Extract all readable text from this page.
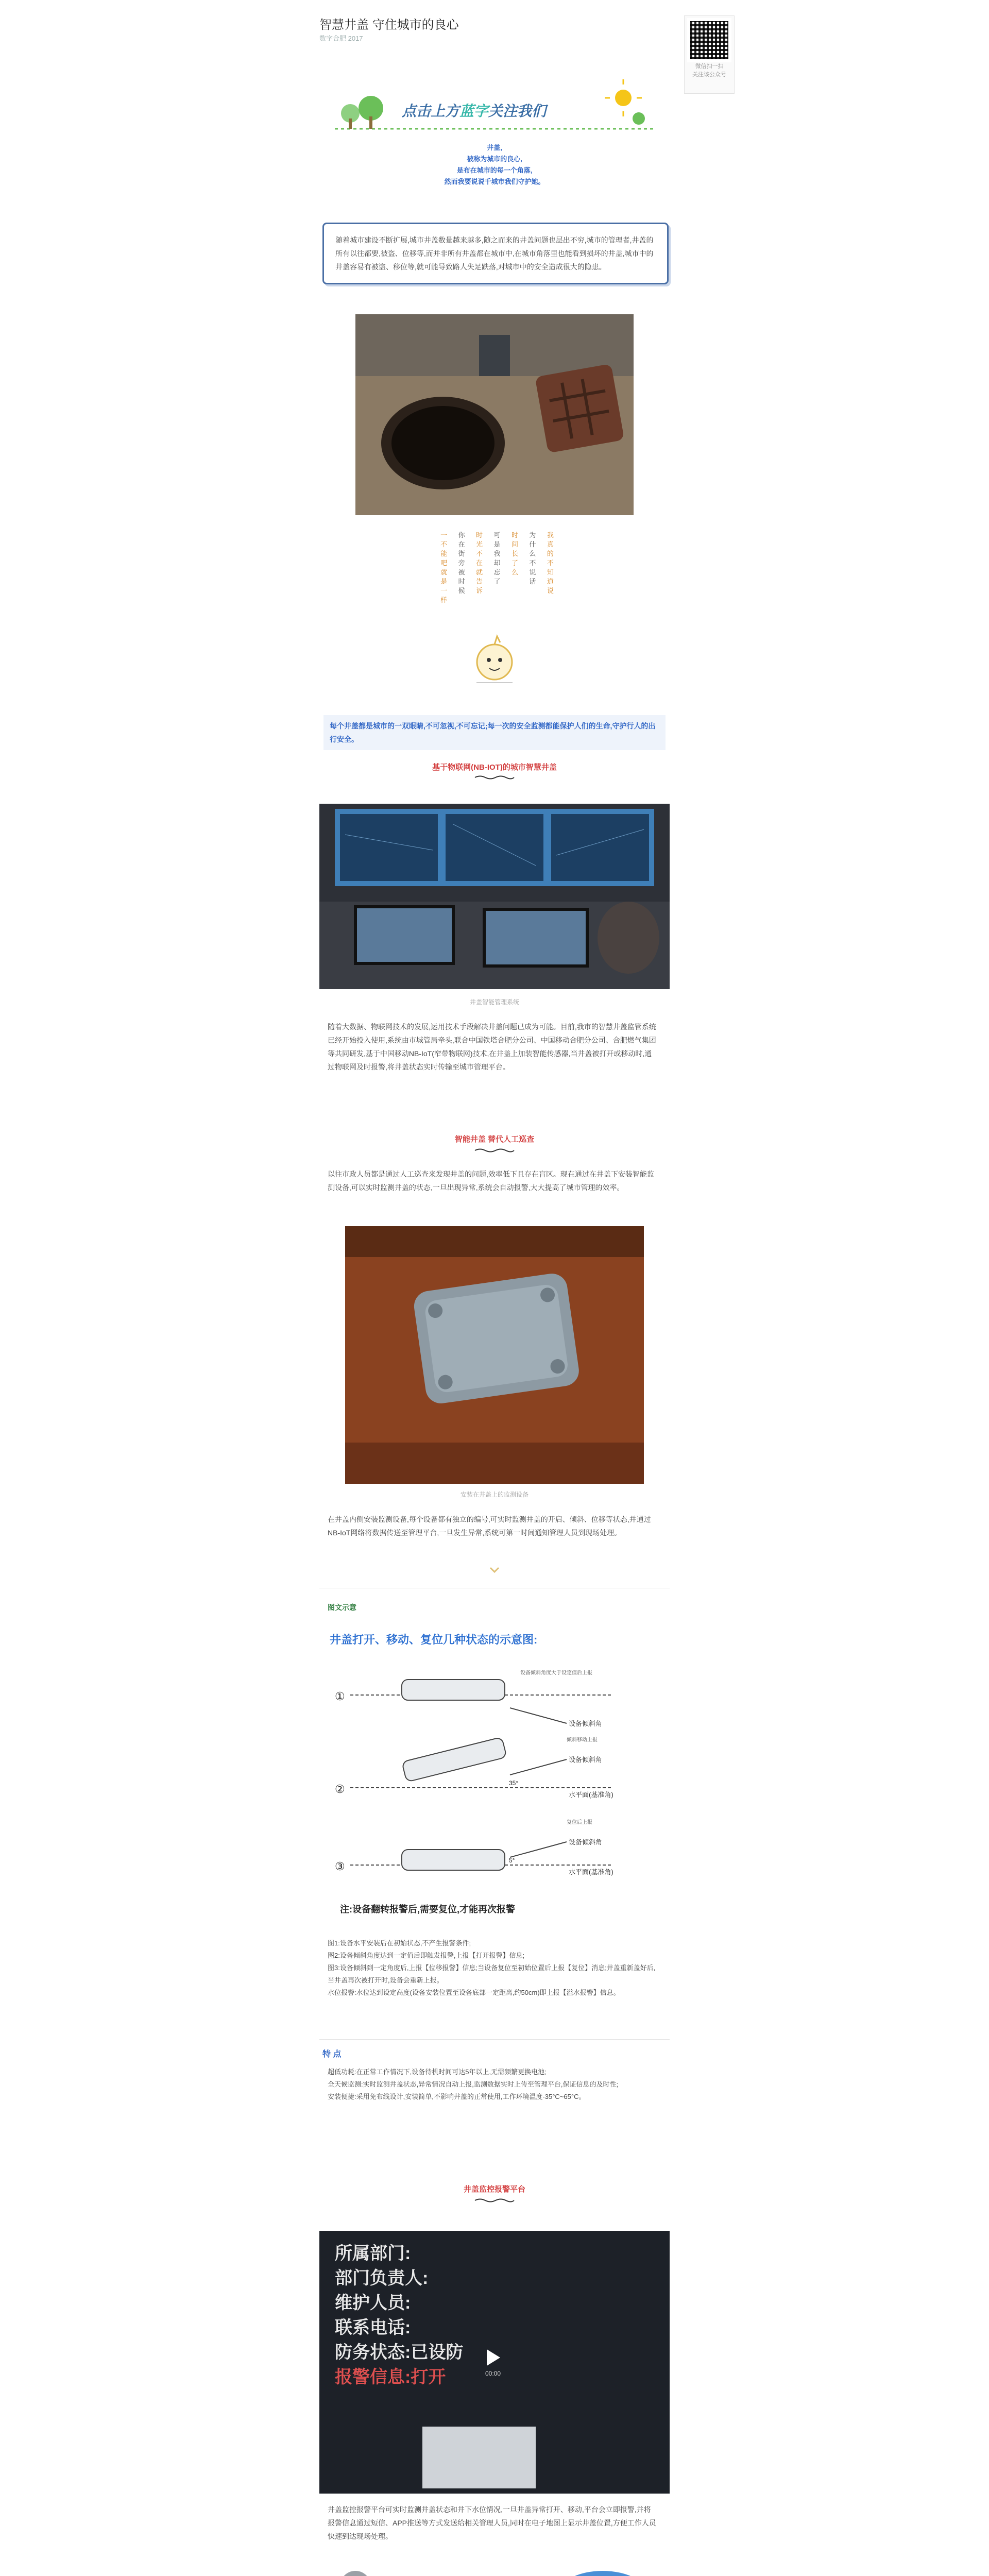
智慧井盖 守住城市的良心
数字合肥 2017
微信扫一扫
关注该公众号
点击上方蓝字关注我们
井盖,
被称为城市的良心,
是布在城市的每一个角落,
然而我要说说千城市我们守护她。
随着城市建设不断扩展,城市井盖数量越来越多,随之而来的井盖问题也层出不穷,城市的管理者,井盖的所有以往都要,被盗、位移等,而并非所有井盖都在城市中,在城市角落里也能看到损坏的井盖,城市中的井盖容易有被盗、移位等,就可能导致路人失足跌落,对城市中的安全造成很大的隐患。
一不能吧就是一样 你在街旁被时候 时光不在就告诉 可是我却忘了 时间长了么 为什么不说话 我真的不知道说
每个井盖都是城市的一双眼睛,不可忽视,不可忘记;每一次的安全监测都能保护人们的生命,守护行人的出行安全。
基于物联网(NB-IOT)的城市智慧井盖
井盖智能管理系统
随着大数据、物联网技术的发展,运用技术手段解决井盖问题已成为可能。目前,我市的智慧井盖监管系统已经开始投入使用,系统由市城管局牵头,联合中国铁塔合肥分公司、中国移动合肥分公司、合肥燃气集团等共同研发,基于中国移动NB-IoT(窄带物联网)技术,在井盖上加装智能传感器,当井盖被打开或移动时,通过物联网及时报警,将井盖状态实时传输至城市管理平台。
智能井盖 替代人工巡查
以往市政人员都是通过人工巡查来发现井盖的问题,效率低下且存在盲区。现在通过在井盖下安装智能监测设备,可以实时监测井盖的状态,一旦出现异常,系统会自动报警,大大提高了城市管理的效率。
安装在井盖上的监测设备
在井盖内侧安装监测设备,每个设备都有独立的编号,可实时监测井盖的开启、倾斜、位移等状态,并通过NB-IoT网络将数据传送至管理平台,一旦发生异常,系统可第一时间通知管理人员到现场处理。
图文示意
井盖打开、移动、复位几种状态的示意图:
①
②
③
设备倾斜角
设备倾斜角
水平面(基准角)
设备倾斜角
水平面(基准角)
设备倾斜角度大于设定值后上报
倾斜移动上报
复位后上报
35°
5°
注:设备翻转报警后,需要复位,才能再次报警
图1:设备水平安装后在初始状态,不产生报警条件;
图2:设备倾斜角度达到一定值后即触发报警,上报【打开报警】信息;
图3:设备倾斜到一定角度后,上报【位移报警】信息;当设备复位至初始位置后上报【复位】消息;井盖重新盖好后,当井盖再次被打开时,设备会重新上报。
水位报警:水位达到设定高度(设备安装位置至设备底部一定距离,约50cm)即上报【溢水报警】信息。
特 点
超低功耗:在正常工作情况下,设备待机时间可达5年以上,无需频繁更换电池;
全天候监测:实时监测井盖状态,异常情况自动上报,监测数据实时上传至管理平台,保证信息的及时性;
安装便捷:采用免布线设计,安装简单,不影响井盖的正常使用,工作环境温度-35°C~65°C。
井盖监控报警平台
所属部门:
部门负责人:
维护人员:
联系电话:
防务状态:已设防
报警信息:打开	00:00
井盖监控报警平台可实时监测井盖状态和井下水位情况,一旦井盖异常打开、移动,平台会立即报警,并将报警信息通过短信、APP推送等方式发送给相关管理人员,同时在电子地图上显示井盖位置,方便工作人员快速到达现场处理。
